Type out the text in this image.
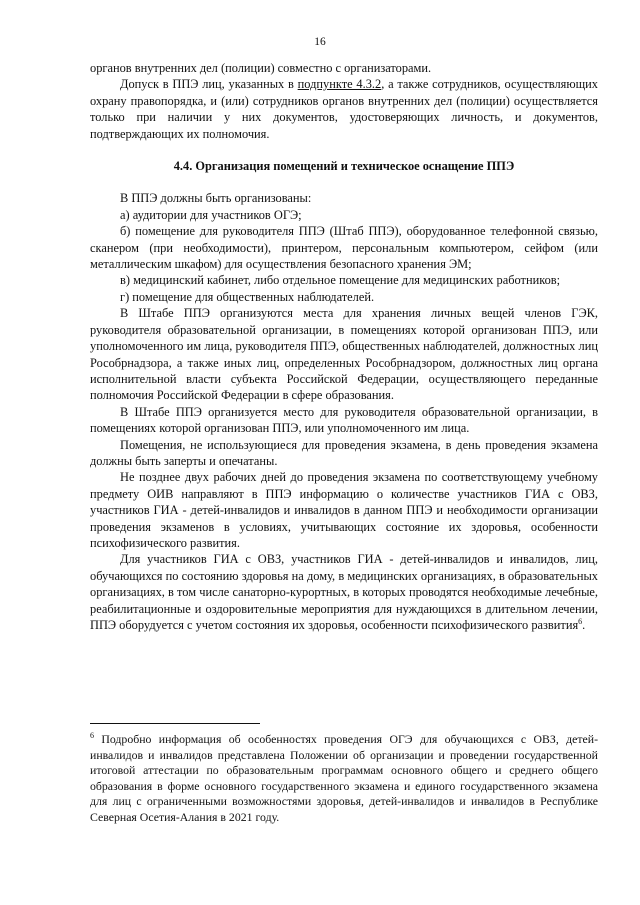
16

органов внутренних дел (полиции) совместно с организаторами.

Допуск в ППЭ лиц, указанных в подпункте 4.3.2, а также сотрудников, осуществляющих охрану правопорядка, и (или) сотрудников органов внутренних дел (полиции) осуществляется только при наличии у них документов, удостоверяющих личность, и документов, подтверждающих их полномочия.

4.4. Организация помещений и техническое оснащение ППЭ

В ППЭ должны быть организованы:

а) аудитории для участников ОГЭ;

б) помещение для руководителя ППЭ (Штаб ППЭ), оборудованное телефонной связью, сканером (при необходимости), принтером, персональным компьютером, сейфом (или металлическим шкафом) для осуществления безопасного хранения ЭМ;

в) медицинский кабинет, либо отдельное помещение для медицинских работников;

г) помещение для общественных наблюдателей.

В Штабе ППЭ организуются места для хранения личных вещей членов ГЭК, руководителя образовательной организации, в помещениях которой организован ППЭ, или уполномоченного им лица, руководителя ППЭ, общественных наблюдателей, должностных лиц Рособрнадзора, а также иных лиц, определенных Рособрнадзором, должностных лиц органа исполнительной власти субъекта Российской Федерации, осуществляющего переданные полномочия Российской Федерации в сфере образования.

В Штабе ППЭ организуется место для руководителя образовательной организации, в помещениях которой организован ППЭ, или уполномоченного им лица.

Помещения, не использующиеся для проведения экзамена, в день проведения экзамена должны быть заперты и опечатаны.

Не позднее двух рабочих дней до проведения экзамена по соответствующему учебному предмету ОИВ направляют в ППЭ информацию о количестве участников ГИА с ОВЗ, участников ГИА - детей-инвалидов и инвалидов в данном ППЭ и необходимости организации проведения экзаменов в условиях, учитывающих состояние их здоровья, особенности психофизического развития.

Для участников ГИА с ОВЗ, участников ГИА - детей-инвалидов и инвалидов, лиц, обучающихся по состоянию здоровья на дому, в медицинских организациях, в образовательных организациях, в том числе санаторно-курортных, в которых проводятся необходимые лечебные, реабилитационные и оздоровительные мероприятия для нуждающихся в длительном лечении, ППЭ оборудуется с учетом состояния их здоровья, особенности психофизического развития$^6$.

$^6$ Подробно информация об особенностях проведения ОГЭ для обучающихся с ОВЗ, детей-инвалидов и инвалидов представлена Положении об организации и проведении государственной итоговой аттестации по образовательным программам основного общего и среднего общего образования в форме основного государственного экзамена и единого государственного экзамена для лиц с ограниченными возможностями здоровья, детей-инвалидов и инвалидов в Республике Северная Осетия-Алания в 2021 году.
